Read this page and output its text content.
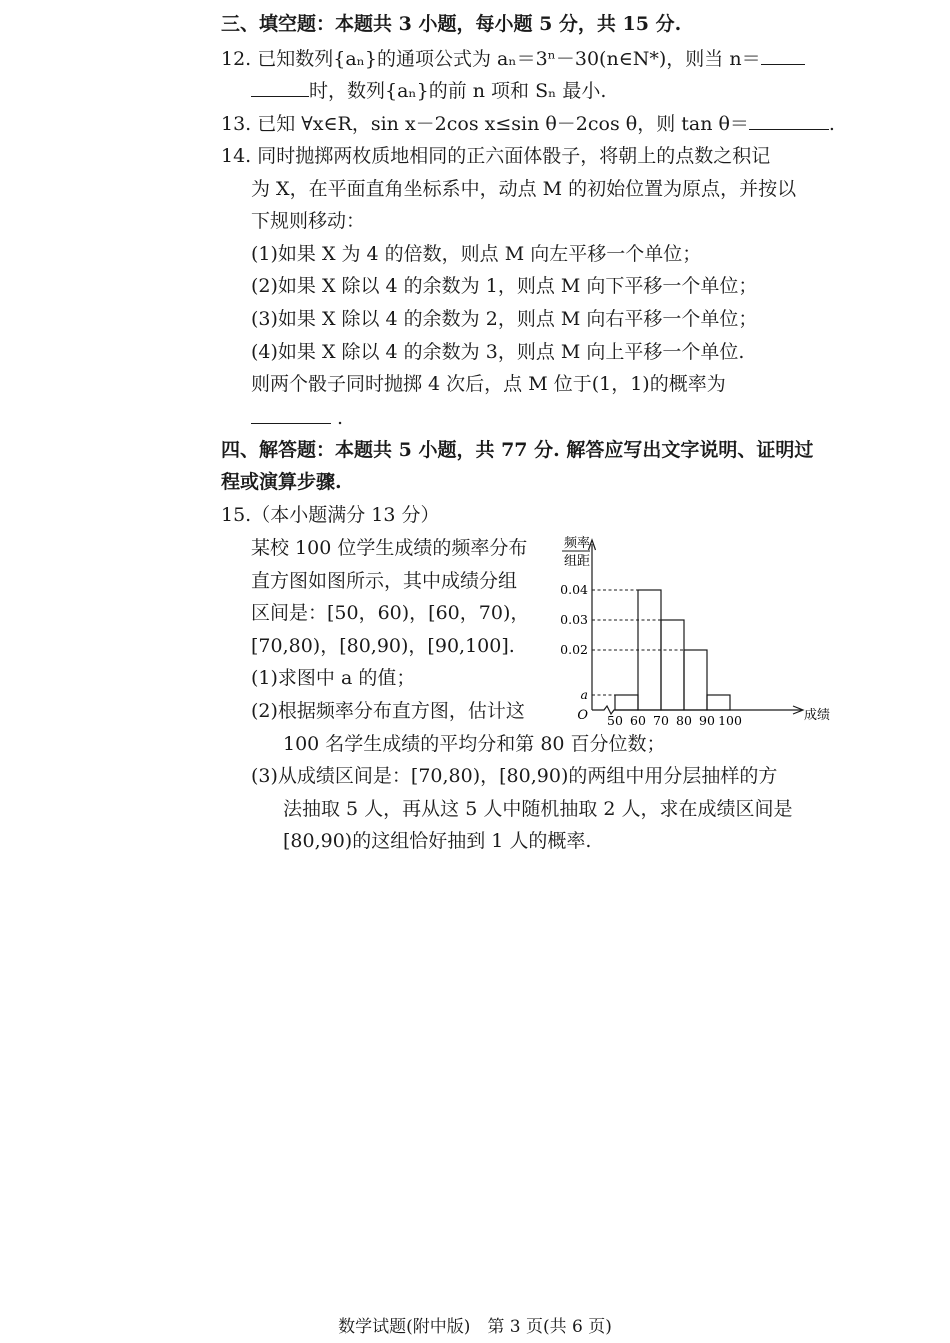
三、填空题：本题共 3 小题，每小题 5 分，共 15 分.
12. 已知数列{aₙ}的通项公式为 aₙ＝3ⁿ－30(n∈N*)，则当 n＝
时，数列{aₙ}的前 n 项和 Sₙ 最小.
13. 已知 ∀x∈R，sin x－2cos x≤sin θ－2cos θ，则 tan θ＝	.
14. 同时抛掷两枚质地相同的正六面体骰子，将朝上的点数之积记
为 X，在平面直角坐标系中，动点 M 的初始位置为原点，并按以
下规则移动：
(1)如果 X 为 4 的倍数，则点 M 向左平移一个单位；
(2)如果 X 除以 4 的余数为 1，则点 M 向下平移一个单位；
(3)如果 X 除以 4 的余数为 2，则点 M 向右平移一个单位；
(4)如果 X 除以 4 的余数为 3，则点 M 向上平移一个单位.
则两个骰子同时抛掷 4 次后，点 M 位于(1，1)的概率为
.
四、解答题：本题共 5 小题，共 77 分. 解答应写出文字说明、证明过
程或演算步骤.
15.（本小题满分 13 分）
某校 100 位学生成绩的频率分布
直方图如图所示，其中成绩分组
区间是：[50，60)，[60，70)，
[70,80)，[80,90)，[90,100].
(1)求图中 a 的值；
(2)根据频率分布直方图，估计这
100 名学生成绩的平均分和第 80 百分位数；
(3)从成绩区间是：[70,80)，[80,90)的两组中用分层抽样的方
法抽取 5 人，再从这 5 人中随机抽取 2 人，求在成绩区间是
[80,90)的这组恰好抽到 1 人的概率.
频率
组距
O	成绩
0.04
0.03
0.02
a
50 60 70 80 90 100
数学试题(附中版)　第 3 页(共 6 页)
